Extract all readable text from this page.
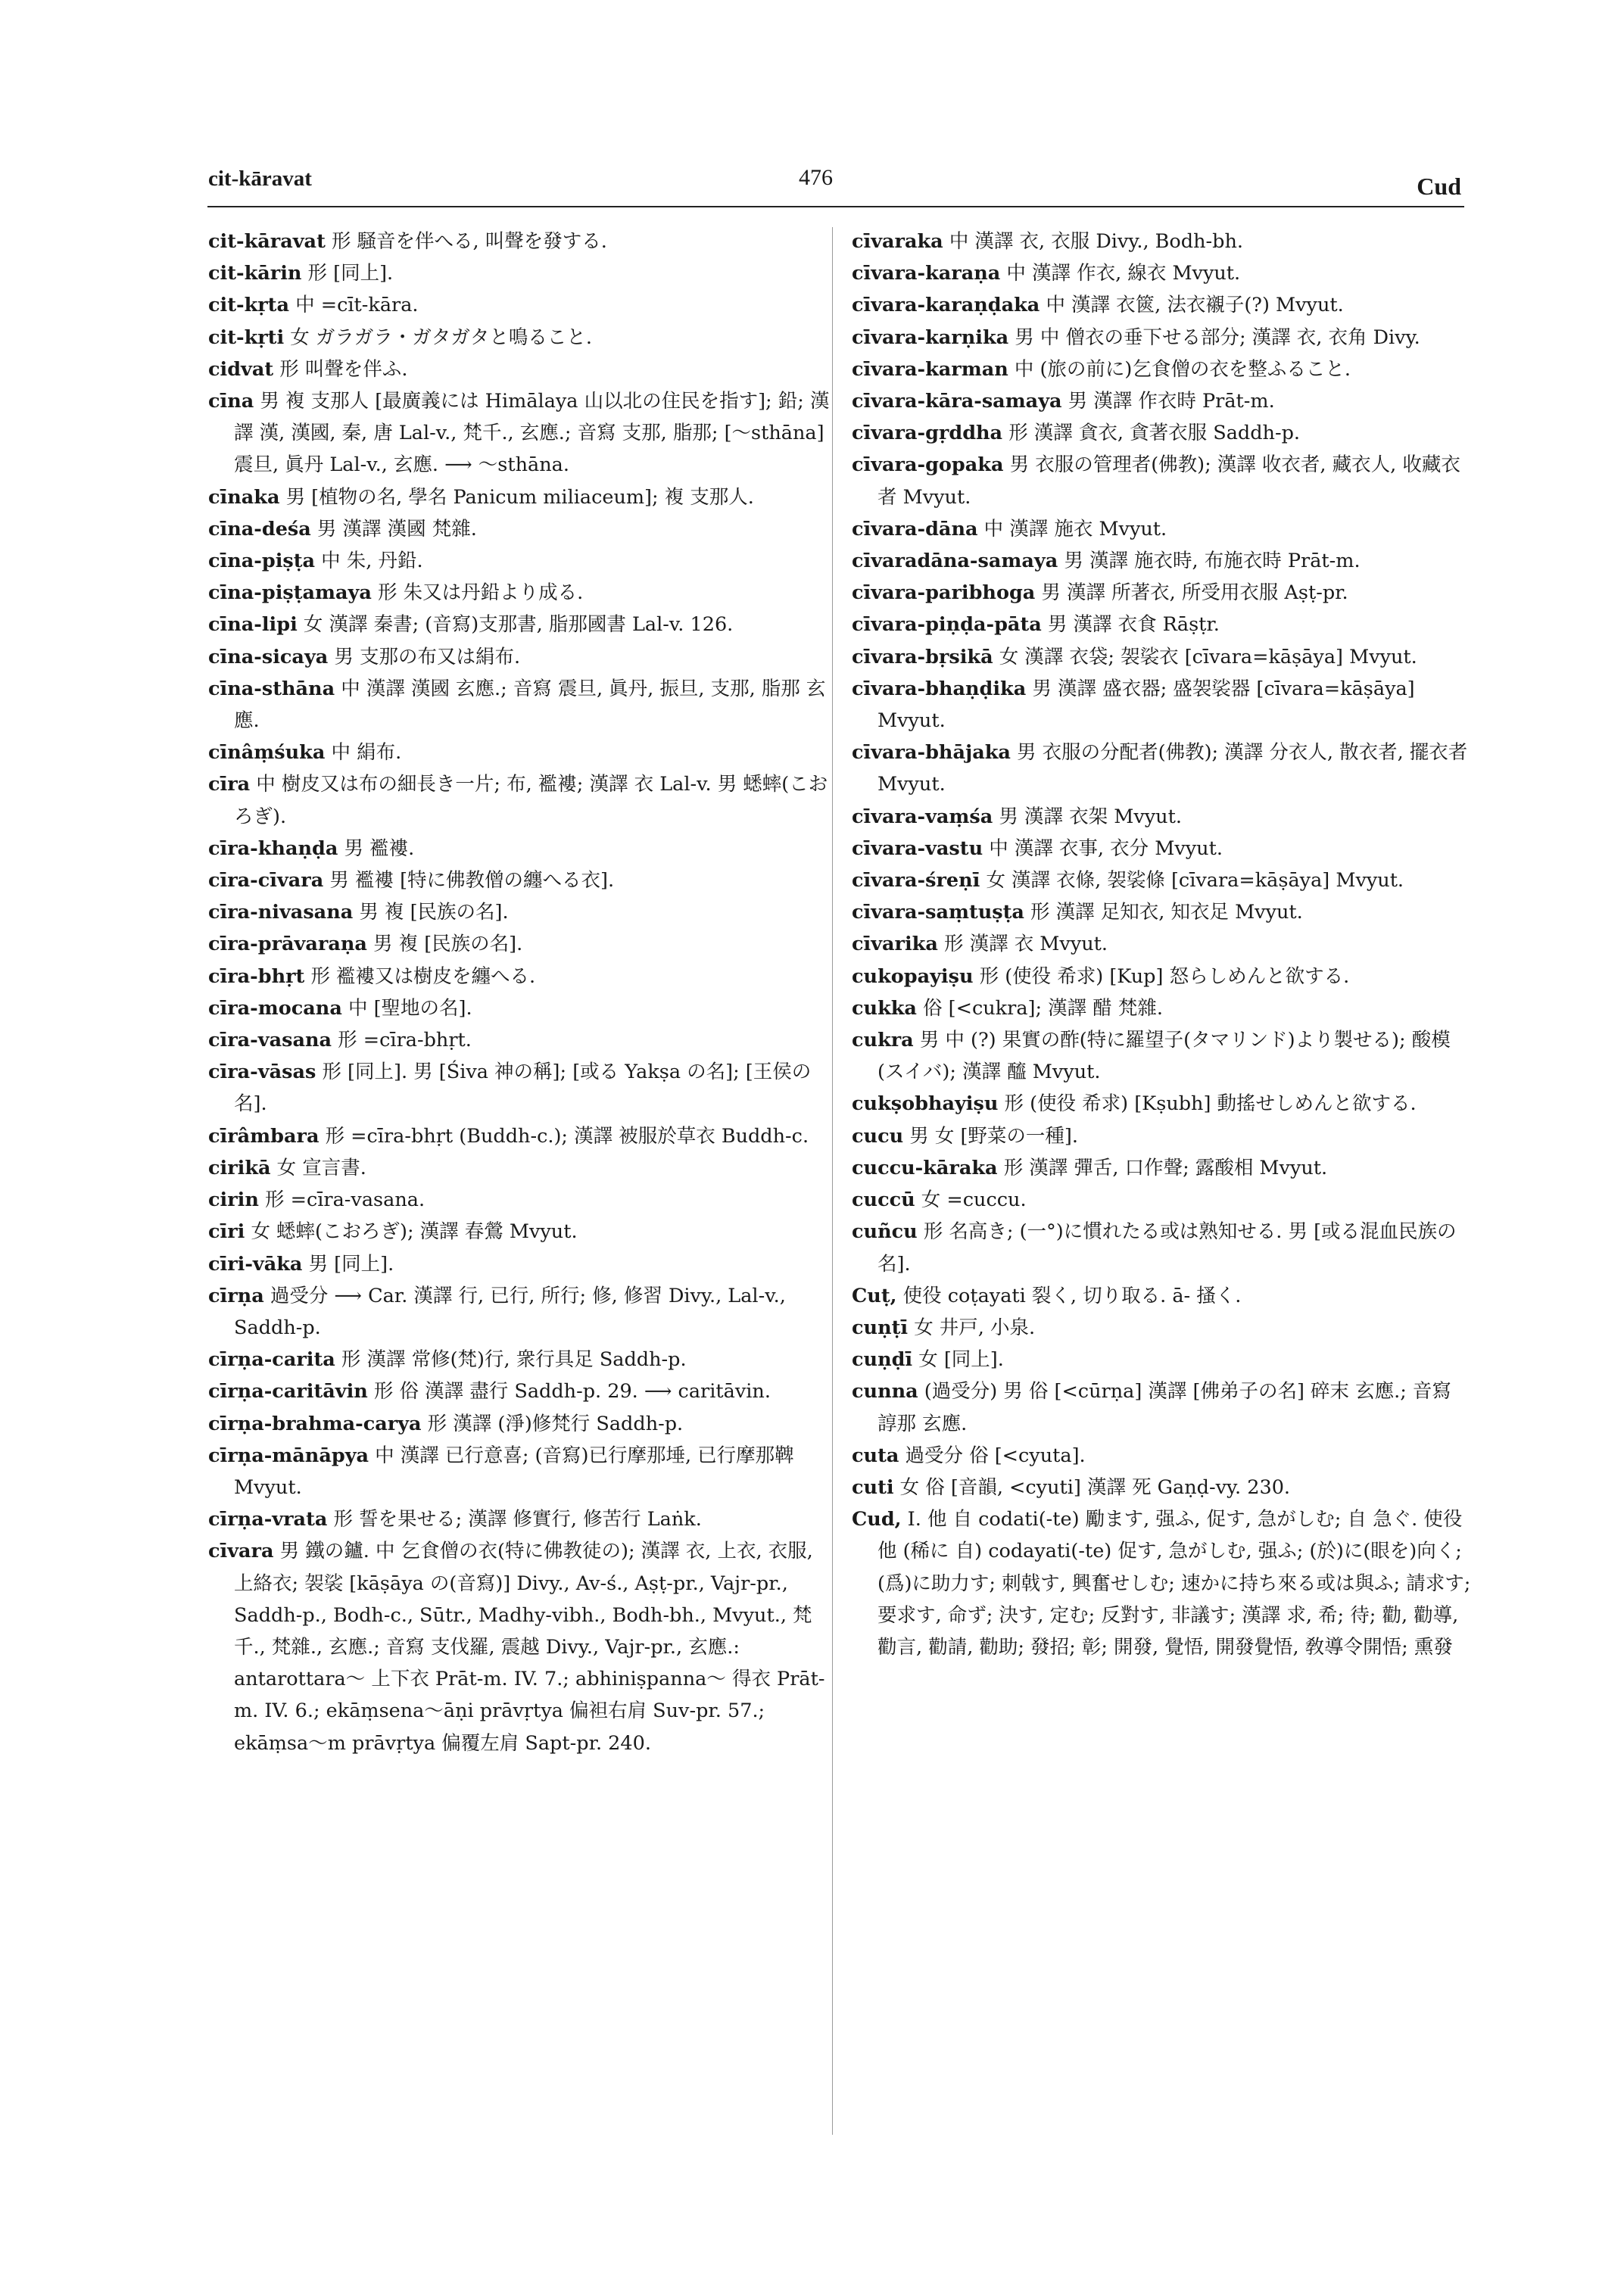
cit-kāravat	476	Cud

cit-kāravat 形 騒音を伴へる, 叫聲を發する.

cit-kārin 形 [同上].

cit-kṛta 中 =cīt-kāra.

cit-kṛti 女 ガラガラ・ガタガタと鳴ること.

cidvat 形 叫聲を伴ふ.

cīna 男 複 支那人 [最廣義には Himālaya 山以北の住民を指す]; 鉛; 漢譯 漢, 漢國, 秦, 唐 Lal-v., 梵千., 玄應.; 音寫 支那, 脂那; [〜sthāna] 震旦, 眞丹 Lal-v., 玄應. ⟶ 〜sthāna.

cīnaka 男 [植物の名, 學名 Panicum miliaceum]; 複 支那人.

cīna-deśa 男 漢譯 漢國 梵雜.

cīna-piṣṭa 中 朱, 丹鉛.

cīna-piṣṭamaya 形 朱又は丹鉛より成る.

cīna-lipi 女 漢譯 秦書; (音寫)支那書, 脂那國書 Lal-v. 126.

cīna-sicaya 男 支那の布又は絹布.

cīna-sthāna 中 漢譯 漢國 玄應.; 音寫 震旦, 眞丹, 振旦, 支那, 脂那 玄應.

cīnâṃśuka 中 絹布.

cīra 中 樹皮又は布の細長き一片; 布, 襤褸; 漢譯 衣 Lal-v. 男 蟋蟀(こおろぎ).

cīra-khaṇḍa 男 襤褸.

cīra-cīvara 男 襤褸 [特に佛教僧の纏へる衣].

cīra-nivasana 男 複 [民族の名].

cīra-prāvaraṇa 男 複 [民族の名].

cīra-bhṛt 形 襤褸又は樹皮を纏へる.

cīra-mocana 中 [聖地の名].

cīra-vasana 形 =cīra-bhṛt.

cīra-vāsas 形 [同上]. 男 [Śiva 神の稱]; [或る Yakṣa の名]; [王侯の名].

cīrâmbara 形 =cīra-bhṛt (Buddh-c.); 漢譯 被服於草衣 Buddh-c.

cirikā 女 宣言書.

cirin 形 =cīra-vasana.

cīri 女 蟋蟀(こおろぎ); 漢譯 春鶯 Mvyut.

cīri-vāka 男 [同上].

cīrṇa 過受分 ⟶ Car. 漢譯 行, 已行, 所行; 修, 修習 Divy., Lal-v., Saddh-p.

cīrṇa-carita 形 漢譯 常修(梵)行, 衆行具足 Saddh-p.

cīrṇa-caritāvin 形 俗 漢譯 盡行 Saddh-p. 29. ⟶ caritāvin.

cīrṇa-brahma-carya 形 漢譯 (淨)修梵行 Saddh-p.

cīrṇa-mānāpya 中 漢譯 已行意喜; (音寫)已行摩那埵, 已行摩那鞞 Mvyut.

cīrṇa-vrata 形 誓を果せる; 漢譯 修實行, 修苦行 Laṅk.

cīvara 男 鐵の鑪. 中 乞食僧の衣(特に佛教徒の); 漢譯 衣, 上衣, 衣服, 上絡衣; 袈裟 [kāṣāya の(音寫)] Divy., Av-ś., Aṣṭ-pr., Vajr-pr., Saddh-p., Bodh-c., Sūtr., Madhy-vibh., Bodh-bh., Mvyut., 梵千., 梵雜., 玄應.; 音寫 支伐羅, 震越 Divy., Vajr-pr., 玄應.: antarottara〜 上下衣 Prāt-m. IV. 7.; abhiniṣpanna〜 得衣 Prāt-m. IV. 6.; ekāṃsena〜āṇi prāvṛtya 偏袒右肩 Suv-pr. 57.; ekāṃsa〜m prāvṛtya 偏覆左肩 Sapt-pr. 240.

cīvaraka 中 漢譯 衣, 衣服 Divy., Bodh-bh.

cīvara-karaṇa 中 漢譯 作衣, 線衣 Mvyut.

cīvara-karaṇḍaka 中 漢譯 衣篋, 法衣襯子(?) Mvyut.

cīvara-karṇika 男 中 僧衣の垂下せる部分; 漢譯 衣, 衣角 Divy.

cīvara-karman 中 (旅の前に)乞食僧の衣を整ふること.

cīvara-kāra-samaya 男 漢譯 作衣時 Prāt-m.

cīvara-gṛddha 形 漢譯 貪衣, 貪著衣服 Saddh-p.

cīvara-gopaka 男 衣服の管理者(佛教); 漢譯 收衣者, 藏衣人, 收藏衣者 Mvyut.

cīvara-dāna 中 漢譯 施衣 Mvyut.

cīvaradāna-samaya 男 漢譯 施衣時, 布施衣時 Prāt-m.

cīvara-paribhoga 男 漢譯 所著衣, 所受用衣服 Aṣṭ-pr.

cīvara-piṇḍa-pāta 男 漢譯 衣食 Rāṣṭr.

cīvara-bṛsikā 女 漢譯 衣袋; 袈裟衣 [cīvara=kāṣāya] Mvyut.

cīvara-bhaṇḍika 男 漢譯 盛衣器; 盛袈裟器 [cīvara=kāṣāya] Mvyut.

cīvara-bhājaka 男 衣服の分配者(佛教); 漢譯 分衣人, 散衣者, 擺衣者 Mvyut.

cīvara-vaṃśa 男 漢譯 衣架 Mvyut.

cīvara-vastu 中 漢譯 衣事, 衣分 Mvyut.

cīvara-śreṇī 女 漢譯 衣條, 袈裟條 [cīvara=kāṣāya] Mvyut.

cīvara-saṃtuṣṭa 形 漢譯 足知衣, 知衣足 Mvyut.

cīvarika 形 漢譯 衣 Mvyut.

cukopayiṣu 形 (使役 希求) [Kup] 怒らしめんと欲する.

cukka 俗 [<cukra]; 漢譯 醋 梵雜.

cukra 男 中 (?) 果實の酢(特に羅望子(タマリンド)より製せる); 酸模(スイバ); 漢譯 醯 Mvyut.

cukṣobhayiṣu 形 (使役 希求) [Kṣubh] 動搖せしめんと欲する.

cucu 男 女 [野菜の一種].

cuccu-kāraka 形 漢譯 彈舌, 口作聲; 露酸相 Mvyut.

cuccū 女 =cuccu.

cuñcu 形 名高き; (一°)に慣れたる或は熟知せる. 男 [或る混血民族の名].

Cuṭ, 使役 coṭayati 裂く, 切り取る. ā- 搔く.

cuṇṭī 女 井戸, 小泉.

cuṇḍī 女 [同上].

cunna (過受分) 男 俗 [<cūrṇa] 漢譯 [佛弟子の名] 碎末 玄應.; 音寫 諄那 玄應.

cuta 過受分 俗 [<cyuta].

cuti 女 俗 [音韻, <cyuti] 漢譯 死 Gaṇḍ-vy. 230.

Cud, I. 他 自 codati(-te) 勵ます, 强ふ, 促す, 急がしむ; 自 急ぐ. 使役 他 (稀に 自) codayati(-te) 促す, 急がしむ, 强ふ; (於)に(眼を)向く; (爲)に助力す; 刺戟す, 興奮せしむ; 速かに持ち來る或は與ふ; 請求す; 要求す, 命ず; 決す, 定む; 反對す, 非議す; 漢譯 求, 希; 待; 勸, 勸導, 勸言, 勸請, 勸助; 發招; 彰; 開發, 覺悟, 開發覺悟, 敎導令開悟; 熏發
